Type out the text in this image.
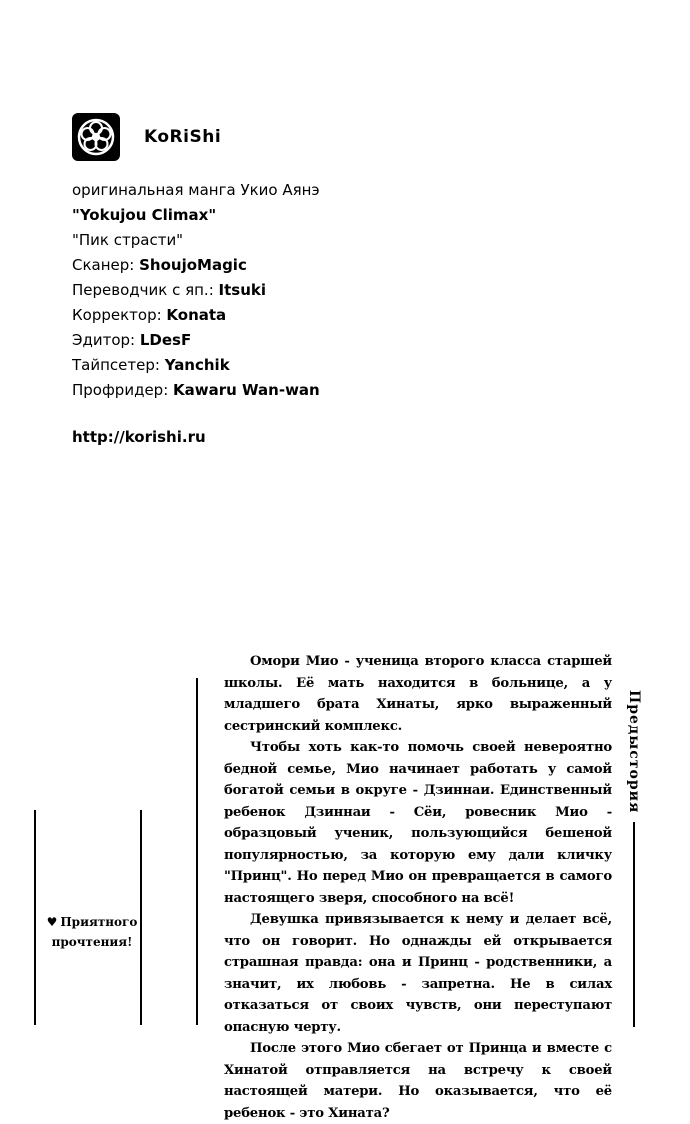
KoRiShi
оригинальная манга Укио Аянэ
"Yokujou Climax"
"Пик страсти"
Сканер: ShoujoMagic
Переводчик с яп.: Itsuki
Корректор: Konata
Эдитор: LDesF
Тайпсетер: Yanchik
Профридер: Kawaru Wan-wan
http://korishi.ru
♥ Приятного
прочтения!

Омори Мио - ученица второго класса старшей школы. Её мать находится в больнице, а у младшего брата Хинаты, ярко выраженный сестринский комплекс.

Чтобы хоть как-то помочь своей невероятно бедной семье, Мио начинает работать у самой богатой семьи в округе - Дзиннаи. Единственный ребенок Дзиннаи - Сёи, ровесник Мио - образцовый ученик, пользующийся бешеной популярностью, за которую ему дали кличку "Принц". Но перед Мио он превращается в самого настоящего зверя, способного на всё!

Девушка привязывается к нему и делает всё, что он говорит. Но однажды ей открывается страшная правда: она и Принц - родственники, а значит, их любовь - запретна. Не в силах отказаться от своих чувств, они переступают опасную черту.

После этого Мио сбегает от Принца и вместе с Хинатой отправляется на встречу к своей настоящей матери. Но оказывается, что её ребенок - это Хината?

Предыстория
